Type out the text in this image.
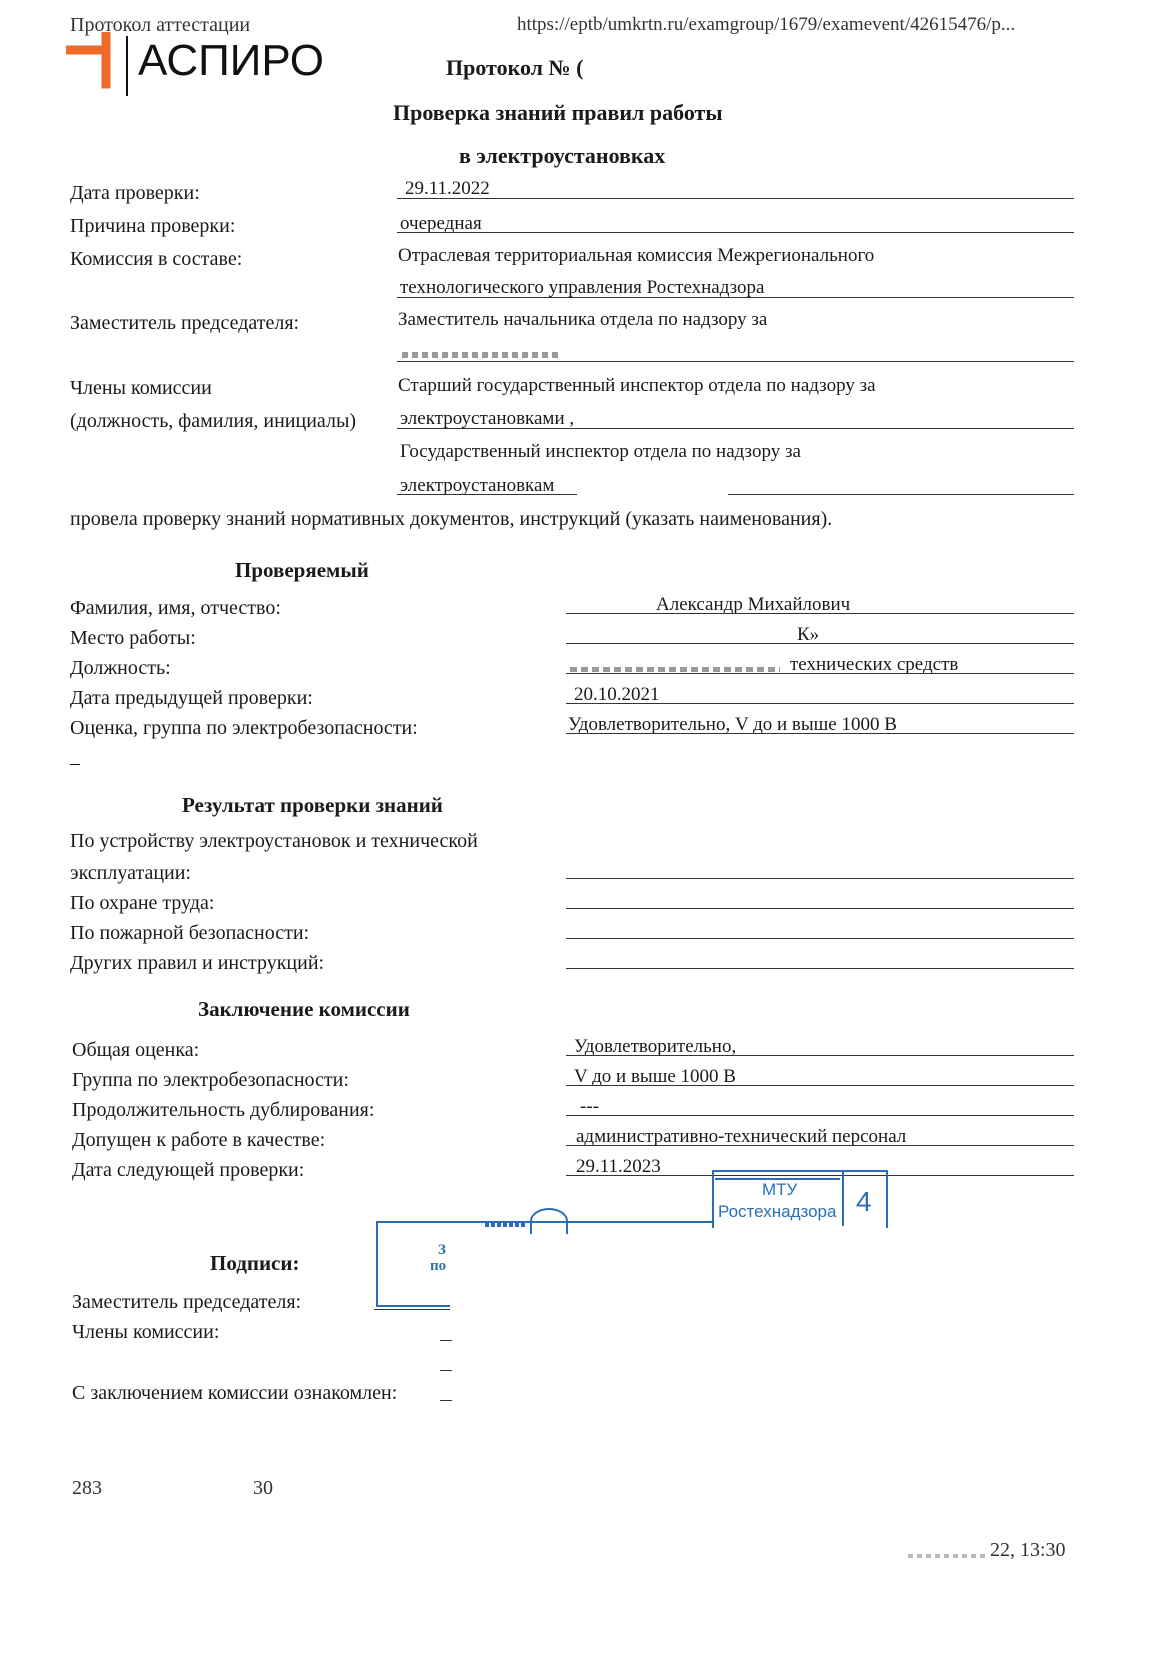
Протокол аттестации	https://eptb/umkrtn.ru/examgroup/1679/examevent/42615476/p...
АСПИРО	Протокол № (
Проверка знаний правил работы
в электроустановках
Дата проверки:	29.11.2022
Причина проверки:	очередная
Комиссия в составе:	Отраслевая территориальная комиссия Межрегионального
технологического управления Ростехнадзора
Заместитель председателя:	Заместитель начальника отдела по надзору за
Члены комиссии
(должность, фамилия, инициалы)
Старший государственный инспектор отдела по надзору за
электроустановками ,
Государственный инспектор отдела по надзору за
электроустановкам
провела проверку знаний нормативных документов, инструкций (указать наименования).
Проверяемый
Фамилия, имя, отчество:	Александр Михайлович
Место работы:	К»
Должность:	технических средств
Дата предыдущей проверки:	20.10.2021
Оценка, группа по электробезопасности:	Удовлетворительно, V до и выше 1000 В
–
Результат проверки знаний
По устройству электроустановок и технической
эксплуатации:
По охране труда:
По пожарной безопасности:
Других правил и инструкций:
Заключение комиссии
Общая оценка:	Удовлетворительно,
Группа по электробезопасности:	V до и выше 1000 В
Продолжительность дублирования:	---
Допущен к работе в качестве:	административно-технический персонал
Дата следующей проверки:	29.11.2023
МТУ
Ростехнадзора 4
З
по
Подписи:
Заместитель председателя:
Члены комиссии:
С заключением комиссии ознакомлен:
283	30
22, 13:30
